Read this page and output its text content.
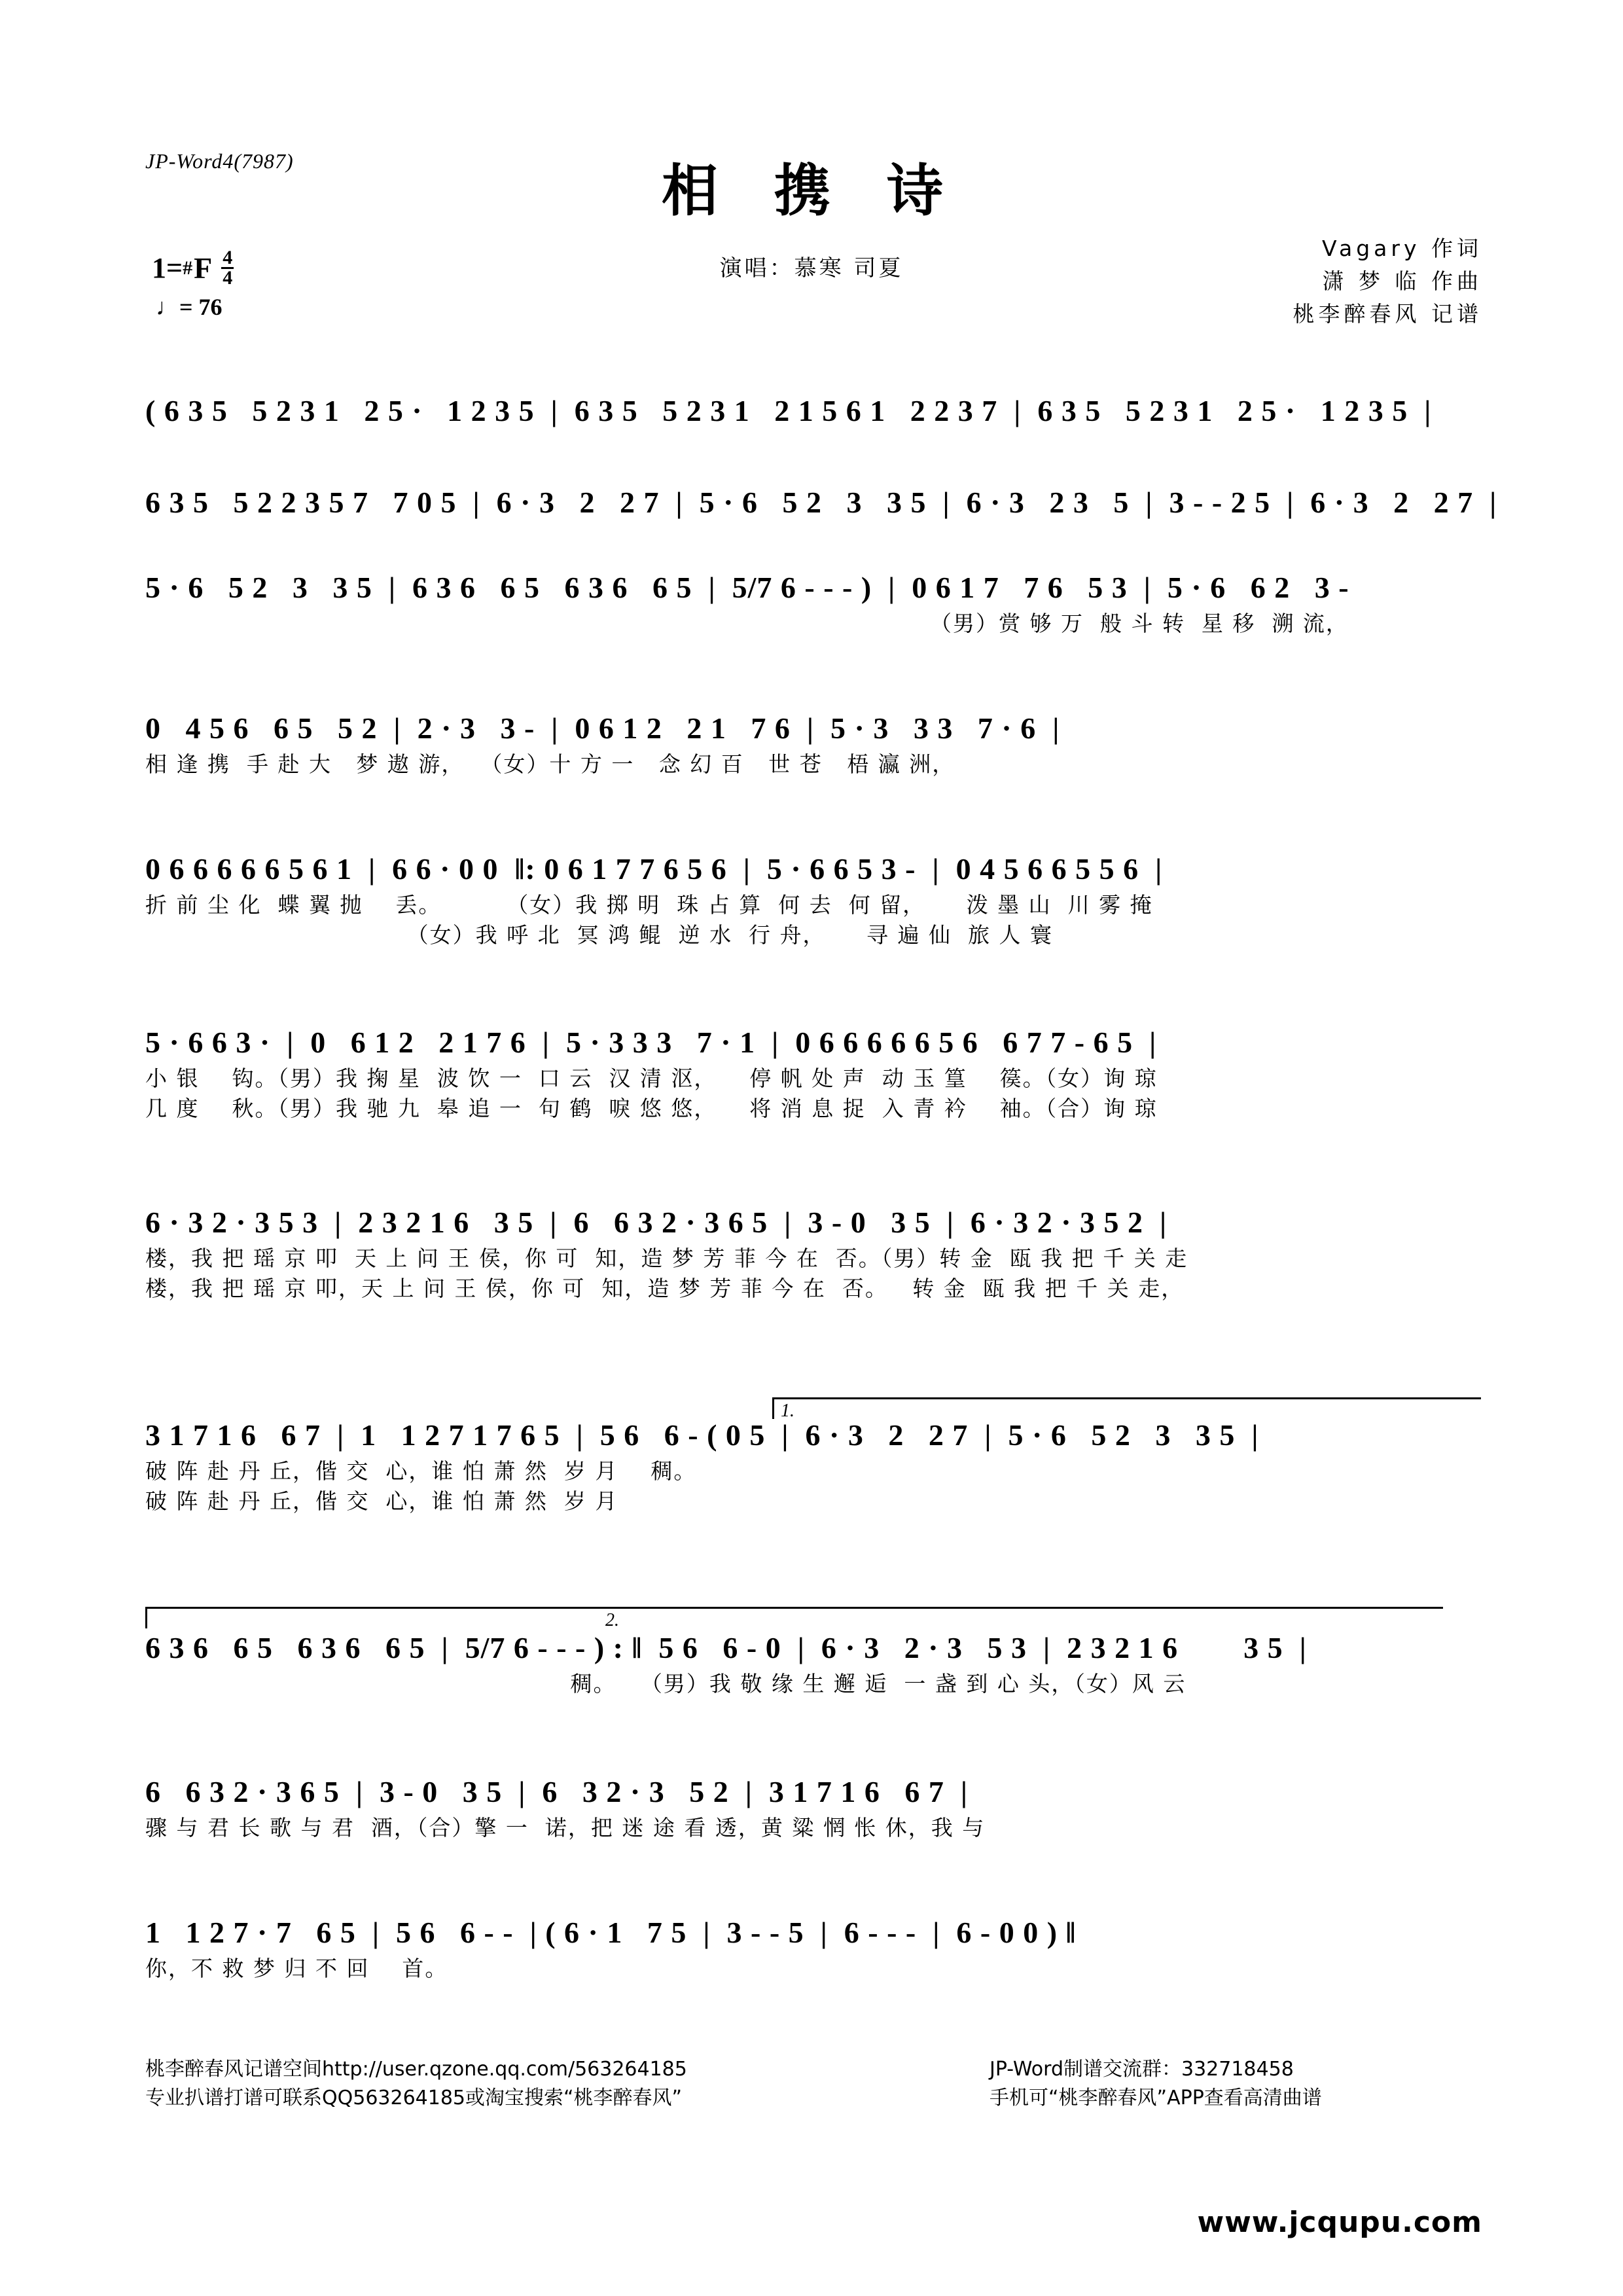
JP-Word4(7987)	相 携 诗
演唱：慕寒 司夏
Vagary 作词
潇 梦 临 作曲
桃李醉春风 记谱
1= # F $\frac{4}{4}$
♩= 76
( 6 3 5   5 2 3 1   2 5 ·   1 2 3 5  |  6 3 5   5 2 3 1   2 1 5 6 1   2 2 3 7  |  6 3 5   5 2 3 1   2 5 ·   1 2 3 5  |
6 3 5   5 2 2 3 5 7   7 0 5  |  6 · 3   2   2 7  |  5 · 6   5 2   3   3 5  |  6 · 3   2 3   5  |  3 - - 2 5  |  6 · 3   2   2 7  |
5 · 6   5 2   3   3 5  |  6 3 6   6 5   6 3 6   6 5  |  5/7 6 - - - )  |  0 6 1 7   7 6   5 3  |  5 · 6   6 2   3 -
（男）赏 够 万  般 斗 转  星 移  溯 流，
0   4 5 6   6 5   5 2  |  2 · 3   3 -  |  0 6 1 2   2 1   7 6  |  5 · 3   3 3   7 · 6  |
相 逢 携  手 赴 大   梦 遨 游，  （女）十 方 一   念 幻 百   世 苍   梧 瀛 洲，
0 6 6 6 6 6 5 6 1  |  6 6 · 0 0  ‖: 0 6 1 7 7 6 5 6  |  5 · 6 6 5 3 -  |  0 4 5 6 6 5 5 6  |
折 前 尘 化  蝶 翼 抛    丢。        （女）我 掷 明  珠 占 算  何 去  何 留，     泼 墨 山  川 雾 掩
（女）我 呼 北  冥 鸿 鲲  逆 水  行 舟，     寻 遍 仙  旅 人 寰
5 · 6 6 3 ·  |  0   6 1 2   2 1 7 6  |  5 · 3 3 3   7 · 1  |  0 6 6 6 6 6 5 6   6 7 7 - 6 5  |
小 银    钩。（男）我 掬 星  波 饮 一  口 云  汉 清 沤，    停 帆 处 声  动 玉 篁    篌。（女）询 琼
几 度    秋。（男）我 驰 九  皋 追 一  句 鹤  唳 悠 悠，    将 消 息 捉  入 青 衿    袖。（合）询 琼
6 · 3 2 · 3 5 3  |  2 3 2 1 6   3 5  |  6   6 3 2 · 3 6 5  |  3 - 0   3 5  |  6 · 3 2 · 3 5 2  |
楼，我 把 瑶 京 叩  天 上 问 王 侯，你 可  知，造 梦 芳 菲 今 在  否。（男）转 金  瓯 我 把 千 关 走
楼，我 把 瑶 京 叩，天 上 问 王 侯，你 可  知，造 梦 芳 菲 今 在  否。   转 金  瓯 我 把 千 关 走，
1.
3 1 7 1 6   6 7  |  1   1 2 7 1 7 6 5  |  5 6   6 - ( 0 5  |  6 · 3   2   2 7  |  5 · 6   5 2   3   3 5  |
破 阵 赴 丹 丘，偕 交  心，谁 怕 萧 然  岁 月    稠。
破 阵 赴 丹 丘，偕 交  心，谁 怕 萧 然  岁 月
2.
6 3 6   6 5   6 3 6   6 5  |  5/7 6 - - - ) : ‖  5 6   6 - 0  |  6 · 3   2 · 3   5 3  |  2 3 2 1 6        3 5  |
稠。   （男）我 敬 缘 生 邂 逅  一 盏 到 心 头，（女）风 云
6   6 3 2 · 3 6 5  |  3 - 0   3 5  |  6   3 2 · 3   5 2  |  3 1 7 1 6   6 7  |
骤 与 君 长 歌 与 君  酒，（合）擎 一  诺，把 迷 途 看 透，黄 粱 惘 怅 休，我 与
1   1 2 7 · 7   6 5  |  5 6   6 - -  | ( 6 · 1   7 5  |  3 - - 5  |  6 - - -  |  6 - 0 0 ) ‖
你，不 救 梦 归 不 回    首。
桃李醉春风记谱空间http://user.qzone.qq.com/563264185
专业扒谱打谱可联系QQ563264185或淘宝搜索“桃李醉春风”
JP-Word制谱交流群：332718458
手机可“桃李醉春风”APP查看高清曲谱
www.jcqupu.com
